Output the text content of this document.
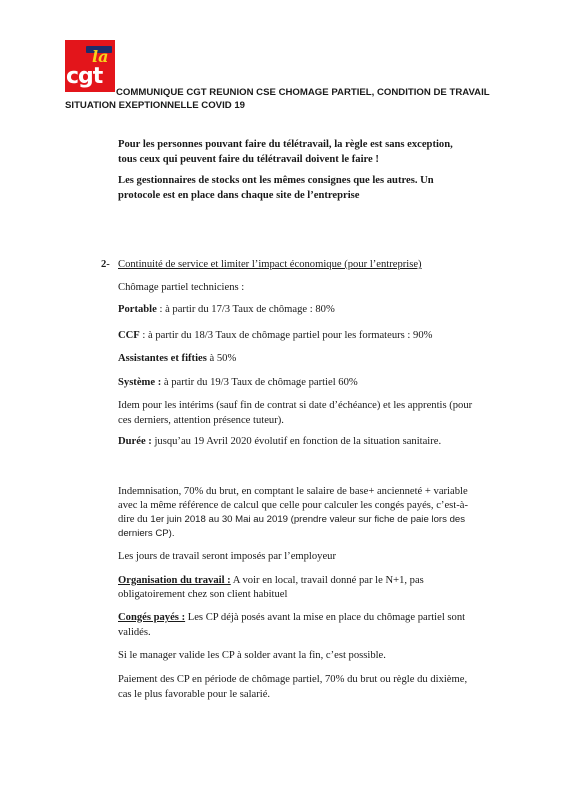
la
cgt
COMMUNIQUE CGT REUNION CSE CHOMAGE PARTIEL, CONDITION DE TRAVAIL
SITUATION EXEPTIONNELLE COVID 19
Pour les personnes pouvant faire du télétravail, la règle est sans exception,
tous ceux qui peuvent faire du télétravail doivent le faire !
Les gestionnaires de stocks ont les mêmes consignes que les autres. Un
protocole est en place dans chaque site de l’entreprise
2- Continuité de service et limiter l’impact économique (pour l’entreprise)
Chômage partiel techniciens :
Portable : à partir du 17/3 Taux de chômage : 80%
CCF : à partir du 18/3 Taux de chômage partiel pour les formateurs : 90%
Assistantes et fifties à 50%
Système : à partir du 19/3 Taux de chômage partiel 60%
Idem pour les intérims (sauf fin de contrat si date d’échéance) et les apprentis (pour
ces derniers, attention présence tuteur).
Durée : jusqu’au 19 Avril 2020 évolutif en fonction de la situation sanitaire.
Indemnisation, 70% du brut, en comptant le salaire de base+ ancienneté + variable
avec la même référence de calcul que celle pour calculer les congés payés, c’est-à-
dire du 1er juin 2018 au 30 Mai au 2019 (prendre valeur sur fiche de paie lors des
derniers CP).
Les jours de travail seront imposés par l’employeur
Organisation du travail : A voir en local, travail donné par le N+1, pas
obligatoirement chez son client habituel
Congés payés : Les CP déjà posés avant la mise en place du chômage partiel sont
validés.
Si le manager valide les CP à solder avant la fin, c’est possible.
Paiement des CP en période de chômage partiel, 70% du brut ou règle du dixième,
cas le plus favorable pour le salarié.
